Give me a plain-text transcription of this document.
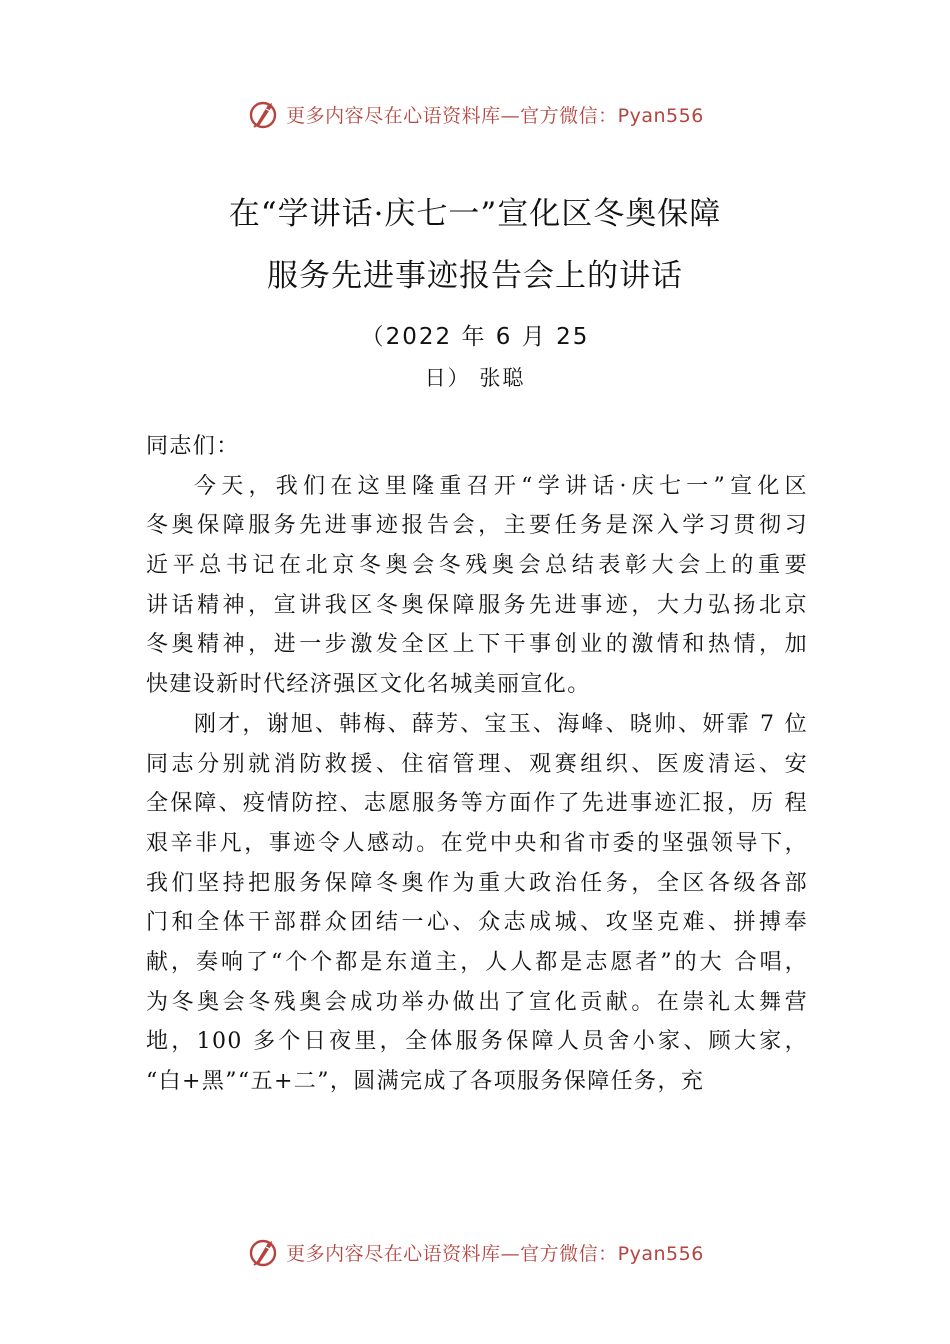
更多内容尽在心语资料库—官方微信：Pyan556
在“学讲话·庆七一”宣化区冬奥保障
服务先进事迹报告会上的讲话
（2022 年 6 月 25
日） 张聪
同志们：
今天，我们在这里隆重召开“学讲话·庆七一”宣化区
冬奥保障服务先进事迹报告会，主要任务是深入学习贯彻习
近平总书记在北京冬奥会冬残奥会总结表彰大会上的重要
讲话精神，宣讲我区冬奥保障服务先进事迹，大力弘扬北京
冬奥精神，进一步激发全区上下干事创业的激情和热情，加
快建设新时代经济强区文化名城美丽宣化。
刚才，谢旭、韩梅、薛芳、宝玉、海峰、晓帅、妍霏 7 位
同志分别就消防救援、住宿管理、观赛组织、医废清运、安
全保障、疫情防控、志愿服务等方面作了先进事迹汇报，历 程
艰辛非凡，事迹令人感动。在党中央和省市委的坚强领导下，
我们坚持把服务保障冬奥作为重大政治任务，全区各级各部
门和全体干部群众团结一心、众志成城、攻坚克难、拼搏奉
献，奏响了“个个都是东道主，人人都是志愿者”的大 合唱，
为冬奥会冬残奥会成功举办做出了宣化贡献。在崇礼太舞营
地，100 多个日夜里，全体服务保障人员舍小家、顾大家，
“白+黑”“五+二”，圆满完成了各项服务保障任务，充
更多内容尽在心语资料库—官方微信：Pyan556
